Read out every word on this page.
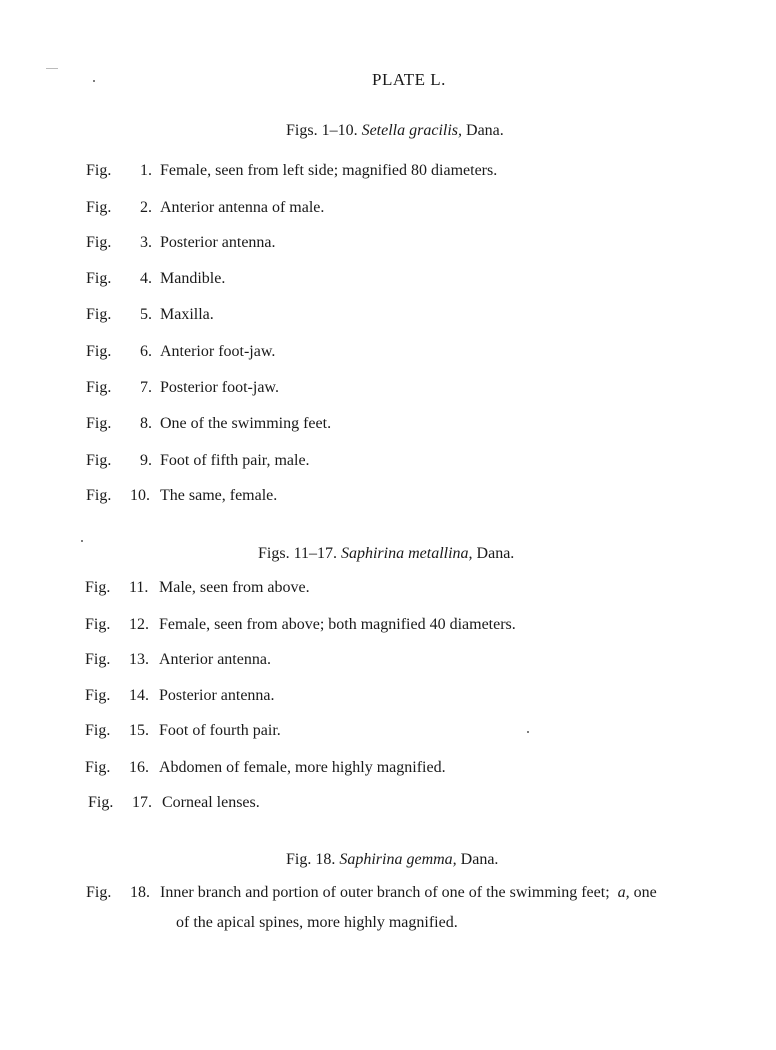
PLATE L.
Figs. 1–10. Setella gracilis, Dana.
Fig. 1. Female, seen from left side; magnified 80 diameters.
Fig. 2. Anterior antenna of male.
Fig. 3. Posterior antenna.
Fig. 4. Mandible.
Fig. 5. Maxilla.
Fig. 6. Anterior foot-jaw.
Fig. 7. Posterior foot-jaw.
Fig. 8. One of the swimming feet.
Fig. 9. Foot of fifth pair, male.
Fig. 10. The same, female.
Figs. 11–17. Saphirina metallina, Dana.
Fig. 11. Male, seen from above.
Fig. 12. Female, seen from above; both magnified 40 diameters.
Fig. 13. Anterior antenna.
Fig. 14. Posterior antenna.
Fig. 15. Foot of fourth pair.
Fig. 16. Abdomen of female, more highly magnified.
Fig. 17. Corneal lenses.
Fig. 18. Saphirina gemma, Dana.
Fig. 18. Inner branch and portion of outer branch of one of the swimming feet; a, one
of the apical spines, more highly magnified.
